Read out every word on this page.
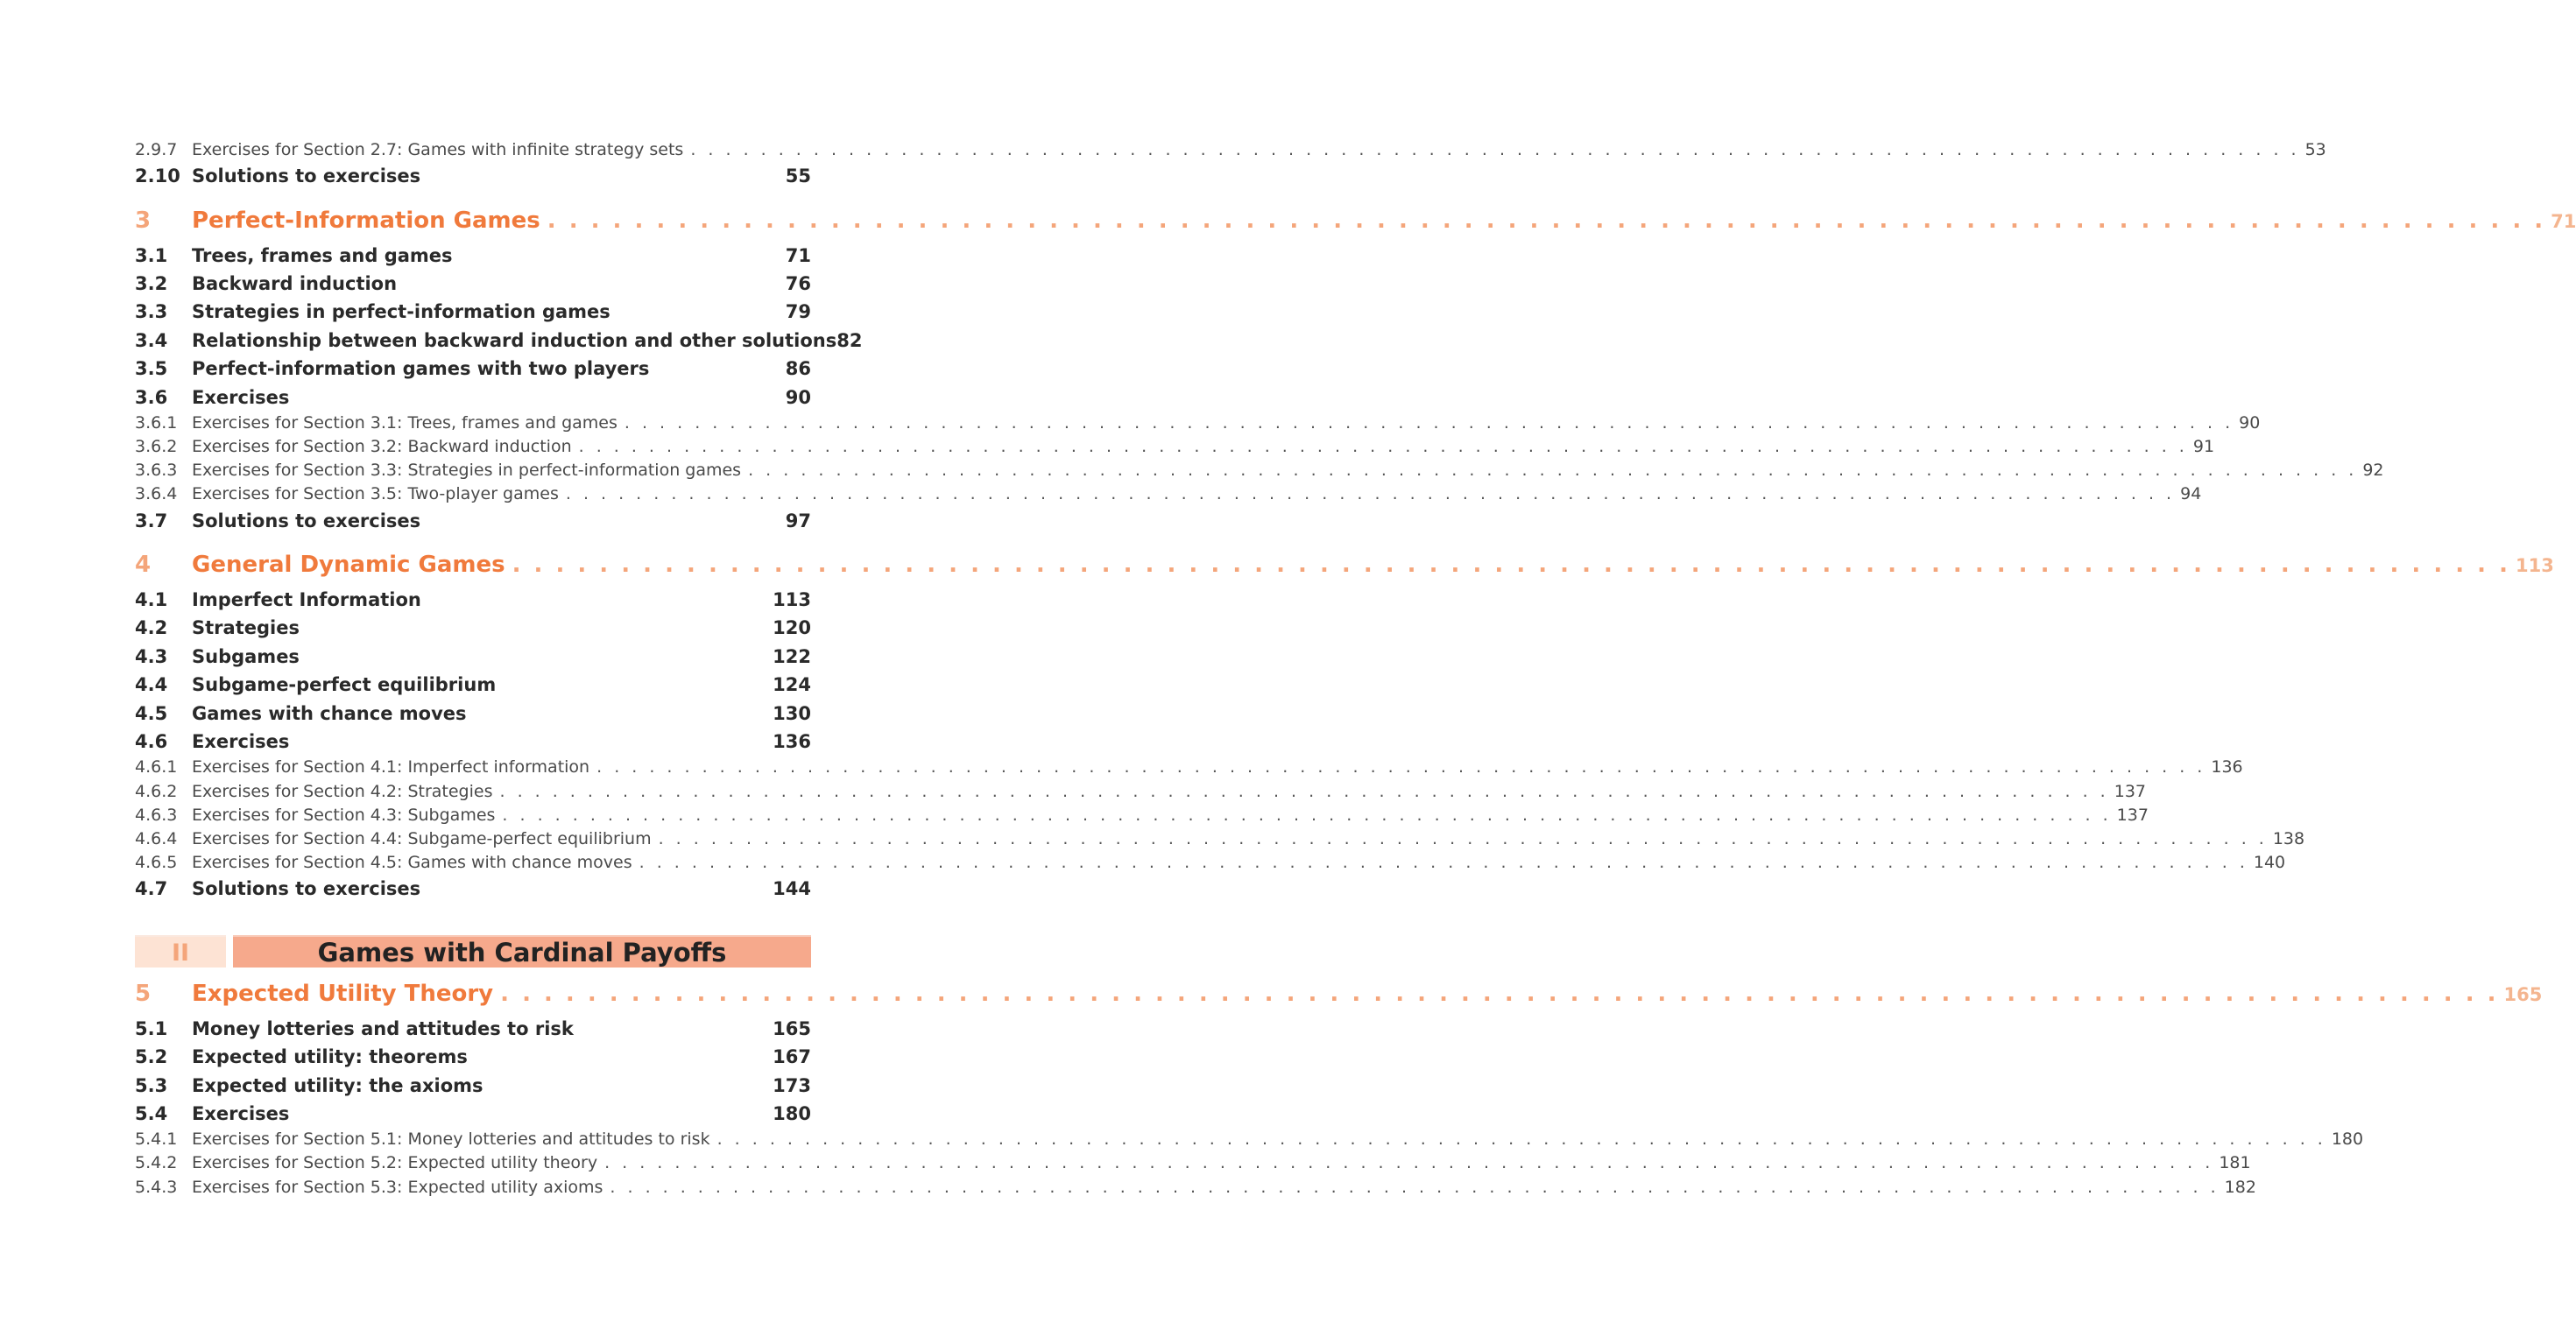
2.9.7 Exercises for Section 2.7: Games with infinite strategy sets . . .	53
2.10 Solutions to exercises	55
3	Perfect-Information Games . . .	71
3.1	Trees, frames and games	71
3.2	Backward induction	76
3.3	Strategies in perfect-information games	79
3.4	Relationship between backward induction and other solutions 82
3.5	Perfect-information games with two players	86
3.6	Exercises	90
3.6.1 Exercises for Section 3.1: Trees, frames and games . . .	90
3.6.2 Exercises for Section 3.2: Backward induction . . .	91
3.6.3 Exercises for Section 3.3: Strategies in perfect-information games . . .	92
3.6.4 Exercises for Section 3.5: Two-player games . . .	94
3.7	Solutions to exercises	97
4	General Dynamic Games . . .	113
4.1	Imperfect Information	113
4.2	Strategies	120
4.3	Subgames	122
4.4	Subgame-perfect equilibrium	124
4.5	Games with chance moves	130
4.6	Exercises	136
4.6.1 Exercises for Section 4.1: Imperfect information . . .	136
4.6.2 Exercises for Section 4.2: Strategies . . .	137
4.6.3 Exercises for Section 4.3: Subgames . . .	137
4.6.4 Exercises for Section 4.4: Subgame-perfect equilibrium . . .	138
4.6.5 Exercises for Section 4.5: Games with chance moves . . .	140
4.7	Solutions to exercises	144
II	Games with Cardinal Payoffs
5	Expected Utility Theory . . .	165
5.1	Money lotteries and attitudes to risk	165
5.2	Expected utility: theorems	167
5.3	Expected utility: the axioms	173
5.4	Exercises	180
5.4.1 Exercises for Section 5.1: Money lotteries and attitudes to risk . . .	180
5.4.2 Exercises for Section 5.2: Expected utility theory . . .	181
5.4.3 Exercises for Section 5.3: Expected utility axioms . . .	182
